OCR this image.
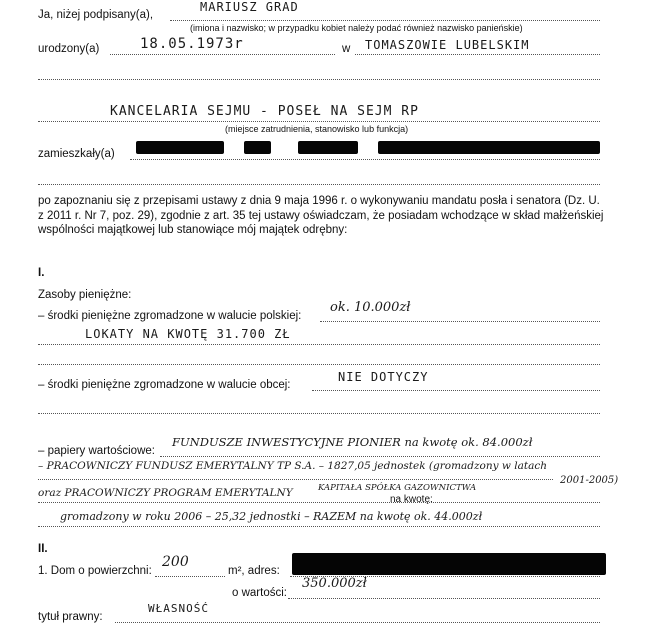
Ja, niżej podpisany(a),
MARIUSZ GRAD
(imiona i nazwisko; w przypadku kobiet należy podać również nazwisko panieńskie)
urodzony(a)	18.05.1973r	w TOMASZOWIE LUBELSKIM
KANCELARIA SEJMU - POSEŁ NA SEJM RP
(miejsce zatrudnienia, stanowisko lub funkcja)
zamieszkały(a)
po zapoznaniu się z przepisami ustawy z dnia 9 maja 1996 r. o wykonywaniu mandatu posła i senatora (Dz. U. z 2011 r. Nr 7, poz. 29), zgodnie z art. 35 tej ustawy oświadczam, że posiadam wchodzące w skład małżeńskiej wspólności majątkowej lub stanowiące mój majątek odrębny:
I.
Zasoby pieniężne:
– środki pieniężne zgromadzone w walucie polskiej:
ok. 10.000zł
LOKATY NA KWOTĘ 31.700 ZŁ
– środki pieniężne zgromadzone w walucie obcej:
NIE DOTYCZY
– papiery wartościowe:
FUNDUSZE INWESTYCYJNE PIONIER na kwotę ok. 84.000zł
– PRACOWNICZY FUNDUSZ EMERYTALNY TP S.A. – 1827,05 jednostek (gromadzony w latach
2001-2005)
oraz PRACOWNICZY PROGRAM EMERYTALNY	KAPITAŁA SPÓŁKA GAZOWNICTWA
na kwotę:
gromadzony w roku 2006 – 25,32 jednostki – RAZEM na kwotę ok. 44.000zł
II.
1. Dom o powierzchni:
200
m², adres:
o wartości:
350.000zł
tytuł prawny:
WŁASNOŚĆ
